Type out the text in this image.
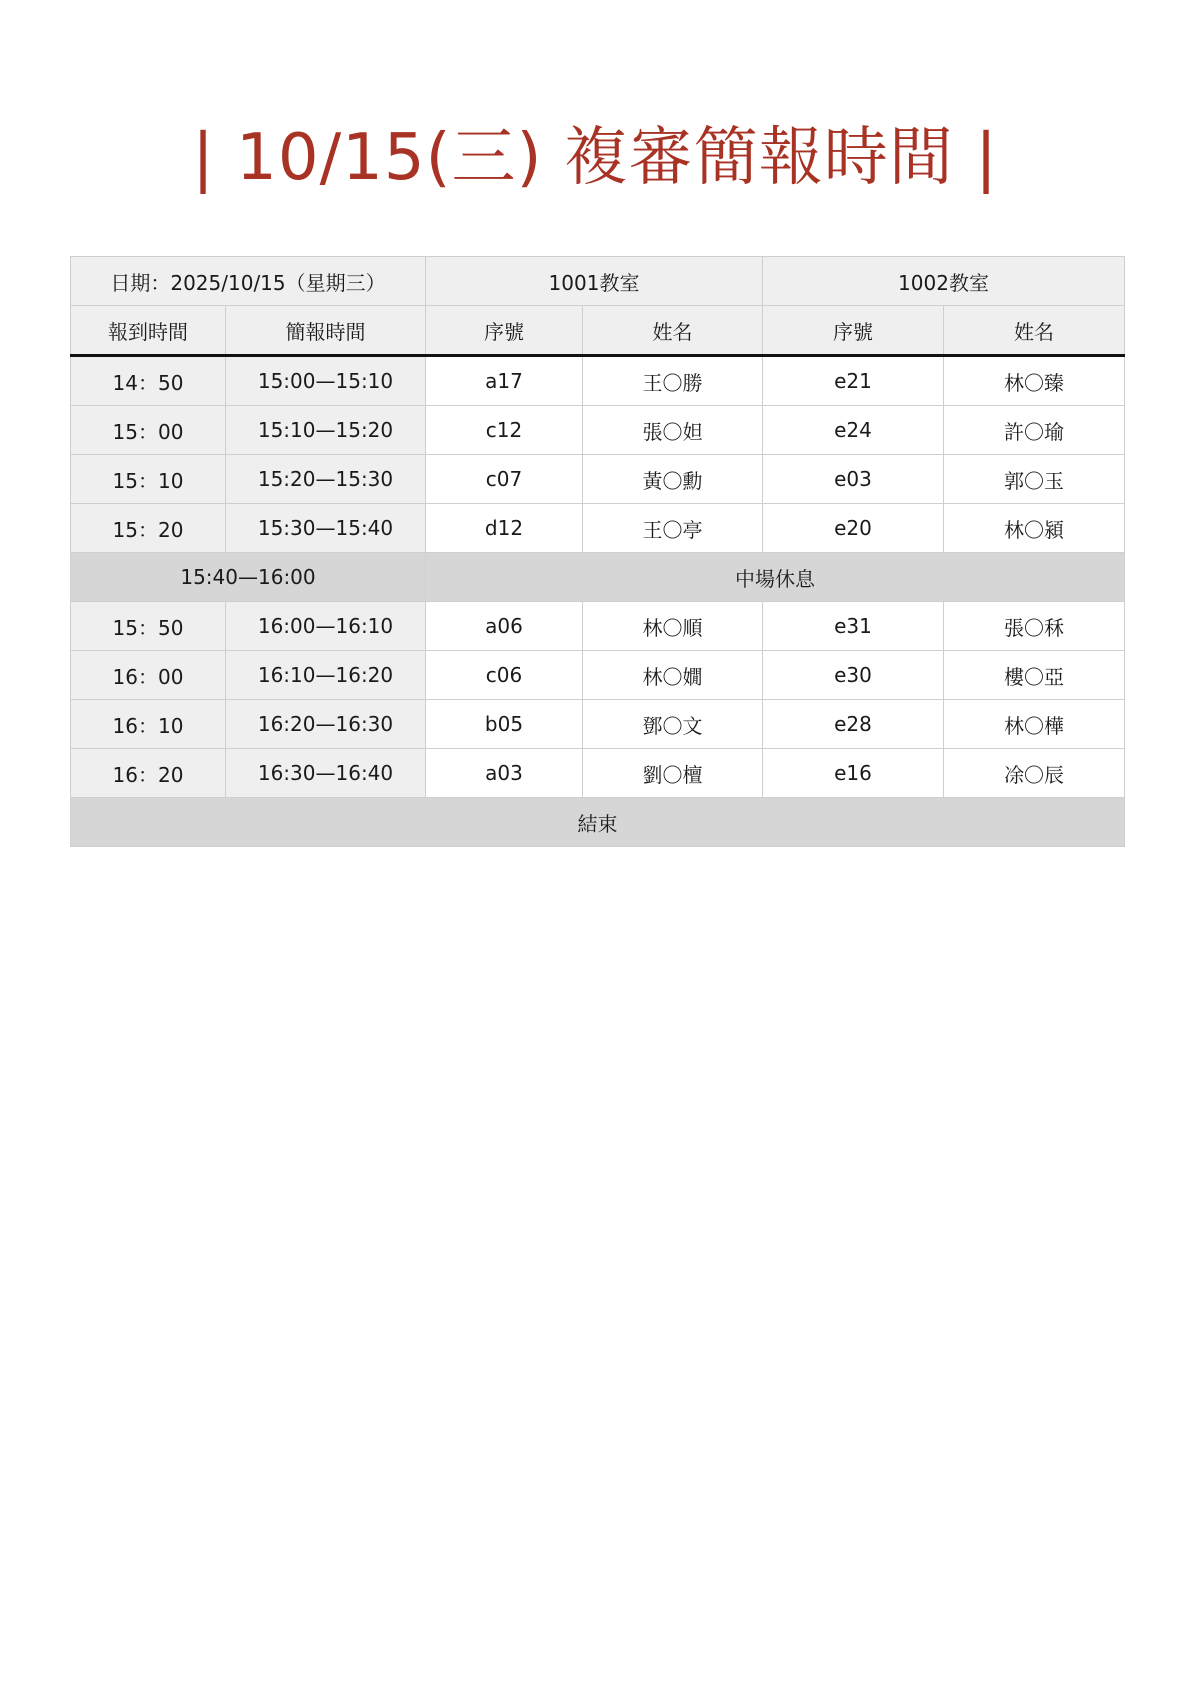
| 10/15(三) 複審簡報時間 |
日期：2025/10/15（星期三）		1001教室		1002教室	
報到時間	簡報時間	序號	姓名	序號	姓名
14：50	15:00—15:10	a17	王〇勝	e21	林〇臻
15：00	15:10—15:20	c12	張〇妲	e24	許〇瑜
15：10	15:20—15:30	c07	黃〇勳	e03	郭〇玉
15：20	15:30—15:40	d12	王〇亭	e20	林〇潁
15:40—16:00		中場休息			
15：50	16:00—16:10	a06	林〇順	e31	張〇秝
16：00	16:10—16:20	c06	林〇嫺	e30	樓〇亞
16：10	16:20—16:30	b05	鄧〇文	e28	林〇樺
16：20	16:30—16:40	a03	劉〇檀	e16	凃〇辰
結束					
